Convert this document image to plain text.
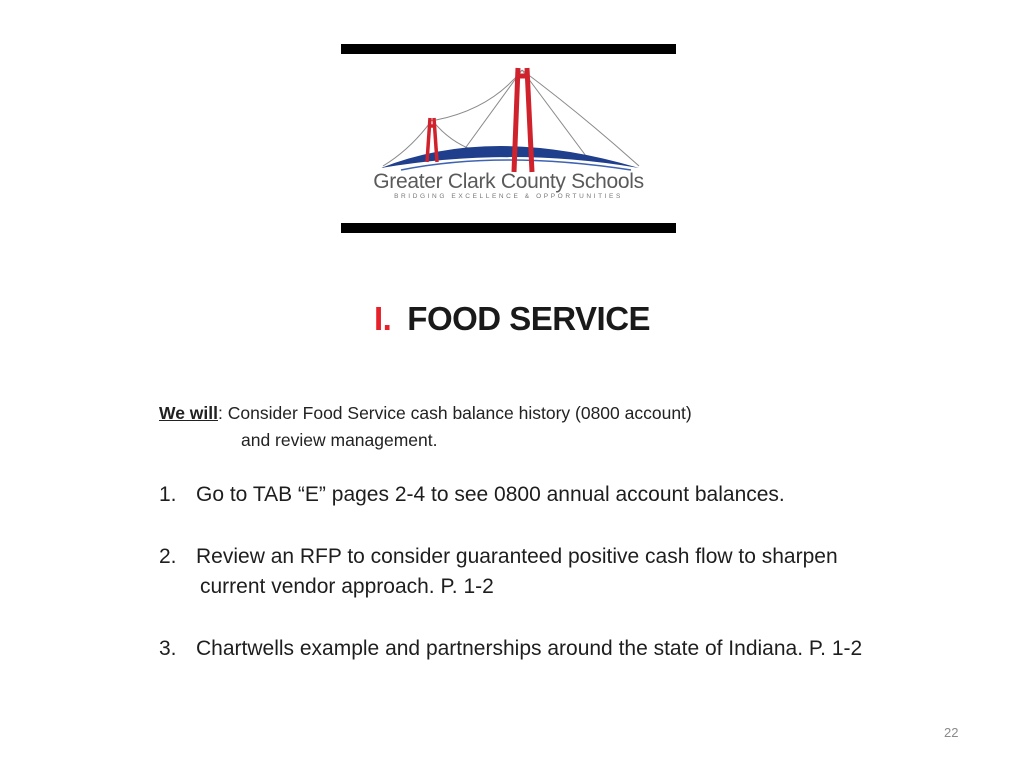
Greater Clark County Schools
BRIDGING EXCELLENCE & OPPORTUNITIES
I. FOOD SERVICE
We will: Consider Food Service cash balance history (0800 account)
and review management.
1. Go to TAB “E” pages 2-4 to see 0800 annual account balances.
2. Review an RFP to consider guaranteed positive cash flow to sharpen
current vendor approach. P. 1-2
3. Chartwells example and partnerships around the state of Indiana. P. 1-2
22
